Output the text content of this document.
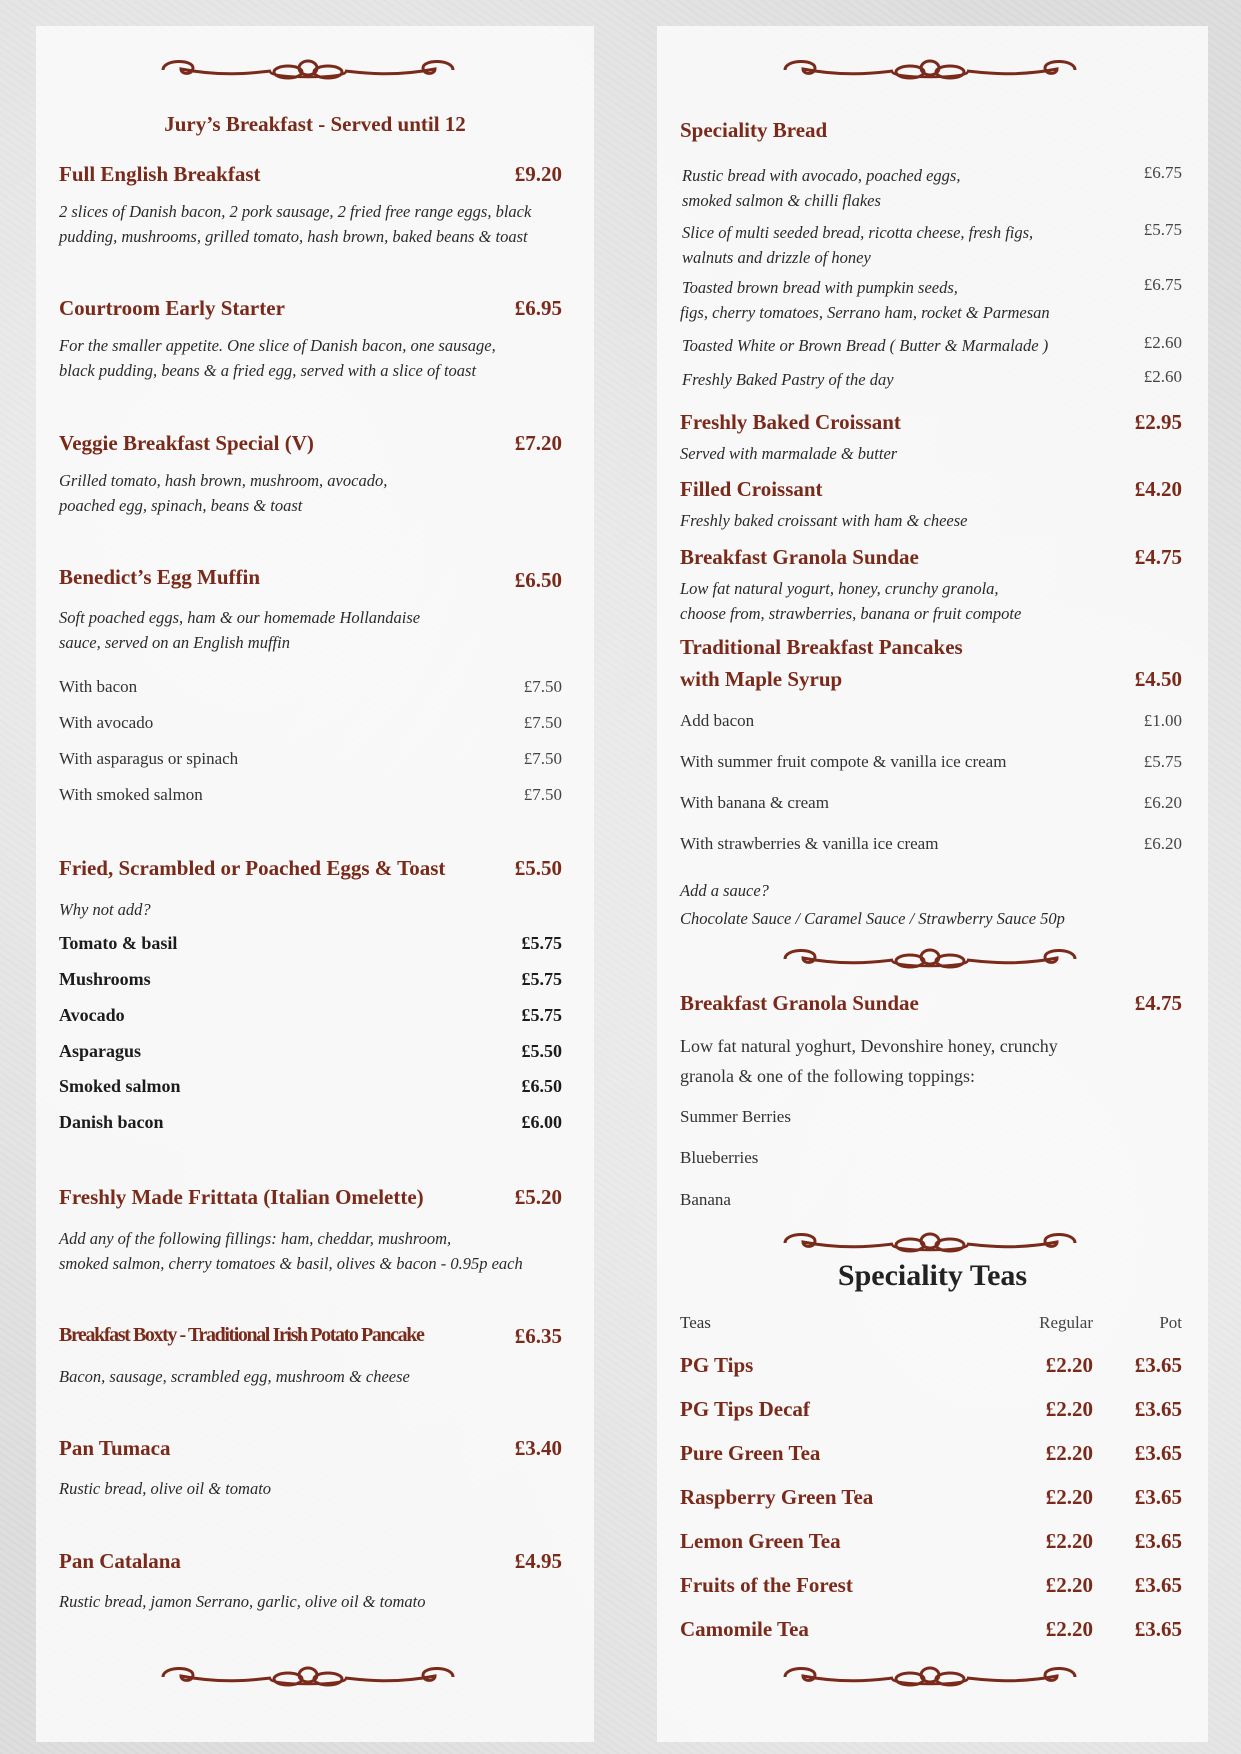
Jury’s Breakfast - Served until 12
Full English Breakfast	£9.20
2 slices of Danish bacon, 2 pork sausage, 2 fried free range eggs, black
pudding, mushrooms, grilled tomato, hash brown, baked beans & toast
Courtroom Early Starter	£6.95
For the smaller appetite. One slice of Danish bacon, one sausage,
black pudding, beans & a fried egg, served with a slice of toast
Veggie Breakfast Special (V)	£7.20
Grilled tomato, hash brown, mushroom, avocado,
poached egg, spinach, beans & toast
Benedict’s Egg Muffin	£6.50
Soft poached eggs, ham & our homemade Hollandaise
sauce, served on an English muffin
With bacon	£7.50
With avocado	£7.50
With asparagus or spinach	£7.50
With smoked salmon	£7.50
Fried, Scrambled or Poached Eggs & Toast	£5.50
Why not add?
Tomato & basil	£5.75
Mushrooms	£5.75
Avocado	£5.75
Asparagus	£5.50
Smoked salmon	£6.50
Danish bacon	£6.00
Freshly Made Frittata (Italian Omelette)	£5.20
Add any of the following fillings: ham, cheddar, mushroom,
smoked salmon, cherry tomatoes & basil, olives & bacon - 0.95p each
Breakfast Boxty - Traditional Irish Potato Pancake	£6.35
Bacon, sausage, scrambled egg, mushroom & cheese
Pan Tumaca	£3.40
Rustic bread, olive oil & tomato
Pan Catalana	£4.95
Rustic bread, jamon Serrano, garlic, olive oil & tomato
Speciality Bread
Rustic bread with avocado, poached eggs,
smoked salmon & chilli flakes
£6.75
Slice of multi seeded bread, ricotta cheese, fresh figs,
walnuts and drizzle of honey
£5.75
Toasted brown bread with pumpkin seeds,
figs, cherry tomatoes, Serrano ham, rocket & Parmesan
£6.75
Toasted White or Brown Bread ( Butter & Marmalade )	£2.60
Freshly Baked Pastry of the day	£2.60
Freshly Baked Croissant	£2.95
Served with marmalade & butter
Filled Croissant	£4.20
Freshly baked croissant with ham & cheese
Breakfast Granola Sundae	£4.75
Low fat natural yogurt, honey, crunchy granola,
choose from, strawberries, banana or fruit compote
Traditional Breakfast Pancakes
with Maple Syrup	£4.50
Add bacon	£1.00
With summer fruit compote & vanilla ice cream	£5.75
With banana & cream	£6.20
With strawberries & vanilla ice cream	£6.20
Add a sauce?
Chocolate Sauce / Caramel Sauce / Strawberry Sauce 50p
Breakfast Granola Sundae	£4.75
Low fat natural yoghurt, Devonshire honey, crunchy
granola & one of the following toppings:
Summer Berries
Blueberries
Banana
Speciality Teas
Teas	Regular	Pot
PG Tips	£2.20	£3.65
PG Tips Decaf	£2.20	£3.65
Pure Green Tea	£2.20	£3.65
Raspberry Green Tea	£2.20	£3.65
Lemon Green Tea	£2.20	£3.65
Fruits of the Forest	£2.20	£3.65
Camomile Tea	£2.20	£3.65
